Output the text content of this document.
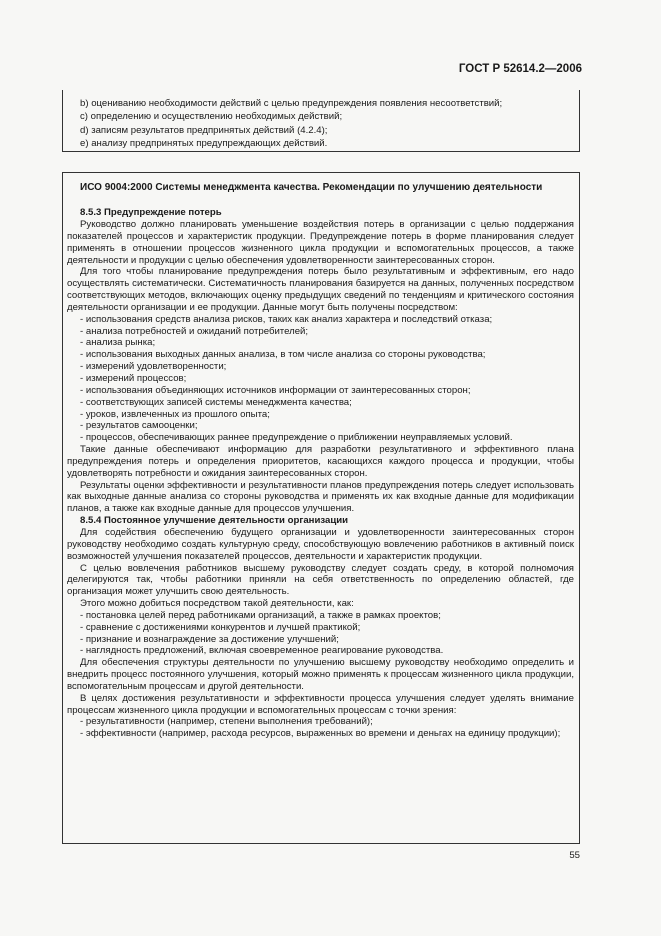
ГОСТ Р 52614.2—2006
b) оцениванию необходимости действий с целью предупреждения появления несоответствий;
c) определению и осуществлению необходимых действий;
d) записям результатов предпринятых действий (4.2.4);
e) анализу предпринятых предупреждающих действий.
ИСО 9004:2000 Системы менеджмента качества. Рекомендации по улучшению деятельности

8.5.3 Предупреждение потерь

Руководство должно планировать уменьшение воздействия потерь в организации с целью поддержания показателей процессов и характеристик продукции. Предупреждение потерь в форме планирования следует применять в отношении процессов жизненного цикла продукции и вспомогательных процессов, а также деятельности и продукции с целью обеспечения удовлетворенности заинтересованных сторон.

Для того чтобы планирование предупреждения потерь было результативным и эффективным, его надо осуществлять систематически. Систематичность планирования базируется на данных, полученных посредством соответствующих методов, включающих оценку предыдущих сведений по тенденциям и критического состояния деятельности организации и ее продукции. Данные могут быть получены посредством:

- использования средств анализа рисков, таких как анализ характера и последствий отказа;

- анализа потребностей и ожиданий потребителей;

- анализа рынка;

- использования выходных данных анализа, в том числе анализа со стороны руководства;

- измерений удовлетворенности;

- измерений процессов;

- использования объединяющих источников информации от заинтересованных сторон;

- соответствующих записей системы менеджмента качества;

- уроков, извлеченных из прошлого опыта;

- результатов самооценки;

- процессов, обеспечивающих раннее предупреждение о приближении неуправляемых условий.

Такие данные обеспечивают информацию для разработки результативного и эффективного плана предупреждения потерь и определения приоритетов, касающихся каждого процесса и продукции, чтобы удовлетворять потребности и ожидания заинтересованных сторон.

Результаты оценки эффективности и результативности планов предупреждения потерь следует использовать как выходные данные анализа со стороны руководства и применять их как входные данные для модификации планов, а также как входные данные для процессов улучшения.

8.5.4 Постоянное улучшение деятельности организации

Для содействия обеспечению будущего организации и удовлетворенности заинтересованных сторон руководству необходимо создать культурную среду, способствующую вовлечению работников в активный поиск возможностей улучшения показателей процессов, деятельности и характеристик продукции.

С целью вовлечения работников высшему руководству следует создать среду, в которой полномочия делегируются так, чтобы работники приняли на себя ответственность по определению областей, где организация может улучшить свою деятельность.

Этого можно добиться посредством такой деятельности, как:

- постановка целей перед работниками организаций, а также в рамках проектов;

- сравнение с достижениями конкурентов и лучшей практикой;

- признание и вознаграждение за достижение улучшений;

- наглядность предложений, включая своевременное реагирование руководства.

Для обеспечения структуры деятельности по улучшению высшему руководству необходимо определить и внедрить процесс постоянного улучшения, который можно применять к процессам жизненного цикла продукции, вспомогательным процессам и другой деятельности.

В целях достижения результативности и эффективности процесса улучшения следует уделять внимание процессам жизненного цикла продукции и вспомогательных процессам с точки зрения:

- результативности (например, степени выполнения требований);

- эффективности (например, расхода ресурсов, выраженных во времени и деньгах на единицу продукции);

55
